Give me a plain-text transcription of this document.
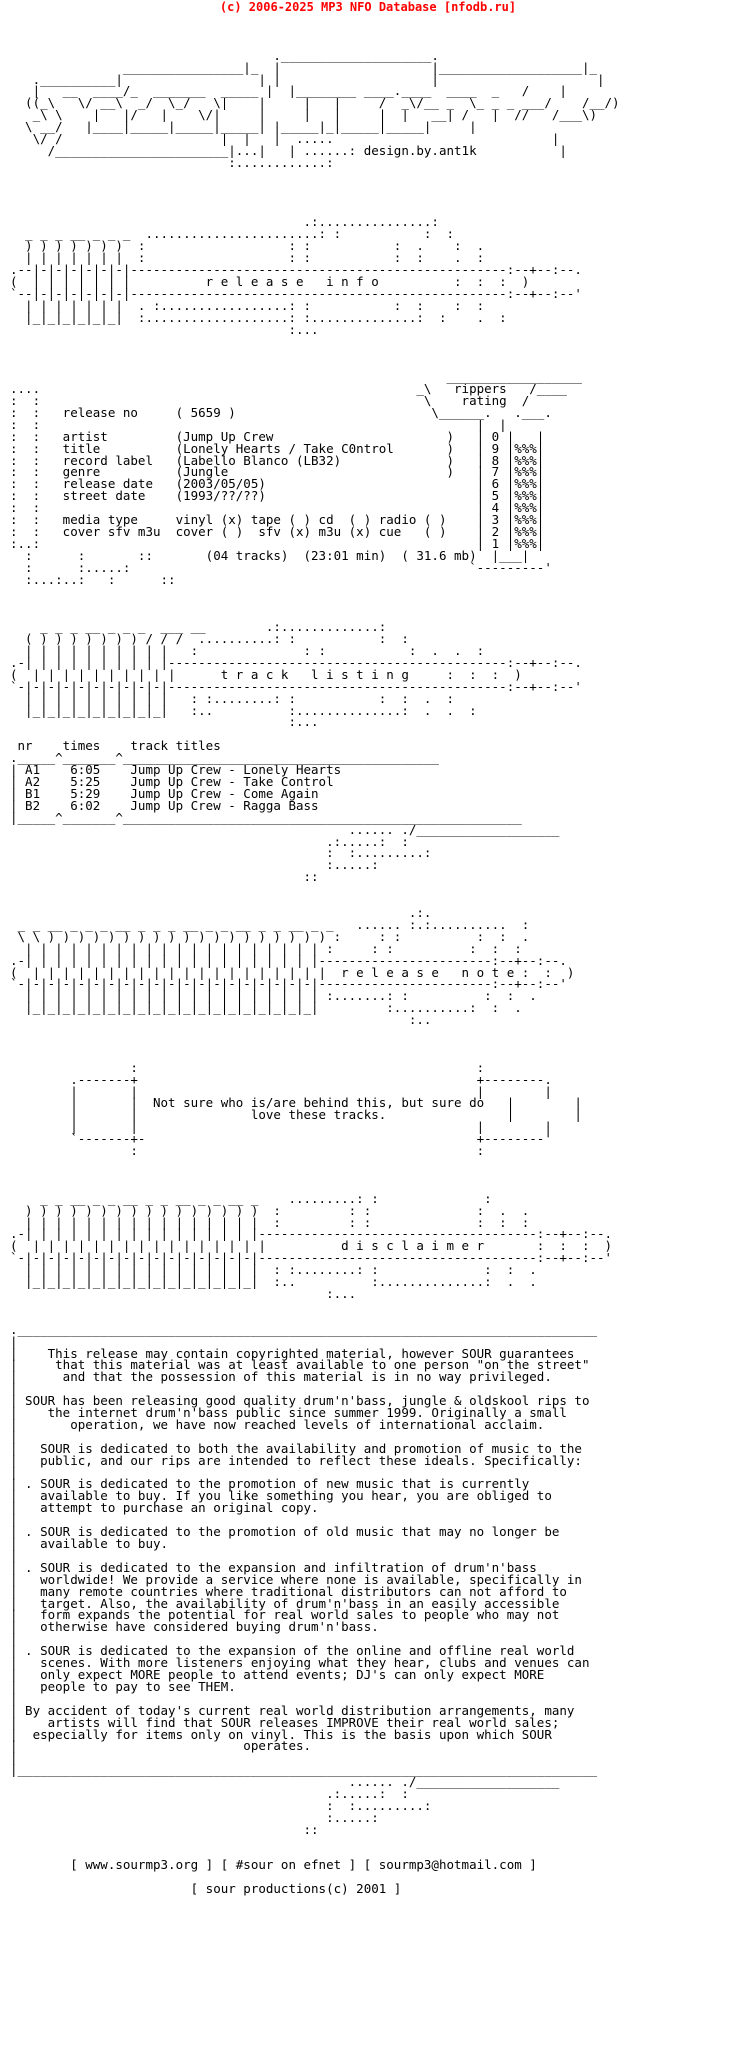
(c) 2006-2025 MP3 NFO Database [nfodb.ru]

.____________________.
________________|_  |                    |___________________|_
.__________|                  | |                    |                     |
|   __  ____/_  _______  _____ |  |________ ____.____  ____  _   /    |
((_\   \/ __\  _/  \_/   \|    |     |   |     /  _\/__ _  \_ _ _ ___/    /__/)
_\ \    |   |/   |    \/|     |     |   |     |  |   __| /   |  //   /___\)
\ __/   |____|_____|_____|_____| |_____|_|_____|_____|     |
\/ /                     |  |   |  .....                             |
/_______________________|...|   | ......: design.by.ant1k           |
:............:

.:...............:
_ _ _ __ _ _ _  .......................: :           :  :
) ) ) ) ) ) )  :                   : :           :  .    :  .
| | | | | | |  :                   : :           :  :    .  :
.--|-|-|-|-|-|-|--------------------------------------------------:--+--:--.
(  | | | | | | |          r e l e a s e   i n f o          :  :  :  )
`--|-|-|-|-|-|-|--------------------------------------------------:--+--:--'
| | | | | | |  . :.................: :           :  :    :  :
|_|_|_|_|_|_|  :...................: :..............:  :    .  :
:...

__________________
....                                                  _\   rippers   /____
:  :                                                   \    rating  /
:  :   release no     ( 5659 )                          \______.   .___.
:  :                                                          |  |
:  :   artist         (Jump Up Crew                       )   | 0 |   |
:  :   title          (Lonely Hearts / Take C0ntrol       )   | 9 |%%%|
:  :   record label   (Labello Blanco (LB32)              )   | 8 |%%%|
:  :   genre          (Jungle                             )   | 7 |%%%|
:  :   release date   (2003/05/05)                            | 6 |%%%|
:  :   street date    (1993/??/??)                            | 5 |%%%|
:  :                                                          | 4 |%%%|
:  :   media type     vinyl (x) tape ( ) cd  ( ) radio ( )    | 3 |%%%|
:  :   cover sfv m3u  cover ( )  sfv (x) m3u (x) cue   ( )    | 2 |%%%|
:..:                                                          | 1 |%%%|
:      :       ::       (04 tracks)  (23:01 min)  ( 31.6 mb)  |___|
:      :.....:                                             `---------'
:...:..:   :      ::

_ _ _ __ _ _ _  ___ __        .:.............:
( ) ) ) ) ) ) ) / / /  ..........: :           :  :
| | | | | | | | | |   :              : :           :  .  .  :
.-| | | | | | | | | |---------------------------------------------:--+--:--.
(  | | | | | | | | | |      t r a c k   l i s t i n g     :  :  :  )
`-|-|-|-|-|-|-|-|-|-|---------------------------------------------:--+--:--'
| | | | | | | | | |   : :........: :           :  :  .  :
|_|_|_|_|_|_|_|_|_|   :..          :..............:  .  .  :
:...

nr    times    track titles
._____^_______^__________________________________________
| A1    6:05    Jump Up Crew - Lonely Hearts
| A2    5:25    Jump Up Crew - Take Control
| B1    5:29    Jump Up Crew - Come Again
| B2    6:02    Jump Up Crew - Ragga Bass
|_____^_______^_____________________________________________________
...... ./___________________
.:.....:  :
:  :.........:
:.....:
::

.:.
_ _ __ _ _ _ __ _ _ _ __ _ _ __ _ _ __ _ _   ...... :.:..........  :
\ \ ) ) ) ) ) ) ) ) ) ) ) ) ) ) ) ) ) ) ) :     : :          :  :  .
| | | | | | | | | | | | | | | | | | | | :     : :          :  :  :
.-| | | | | | | | | | | | | | | | | | | |-----------------------:--+--:--.
(  | | | | | | | | | | | | | | | | | | | |  r e l e a s e   n o t e :  :  )
`-|-|-|-|-|-|-|-|-|-|-|-|-|-|-|-|-|-|-|-|-----------------------:--+--:--'
| | | | | | | | | | | | | | | | | | | | :.......: :          :  :  .
|_|_|_|_|_|_|_|_|_|_|_|_|_|_|_|_|_|_|_|         :..........:  :  .
:..

:                                             :
.-------+                                             +--------.
|       |                                             |        |
|       |  Not sure who is/are behind this, but sure do   |        |
|       |               love these tracks.                |        |
|       |                                             |        |
`-------+-                                            +--------'
:                                             :

_ _ __ _ _ __ _ _ __ _ _ __ _    .........: :              :
) ) ) ) ) ) ) ) ) ) ) ) ) ) ) )  :         : :              :  .  .
| | | | | | | | | | | | | | | |  :         : :              :  :  :
.-| | | | | | | | | | | | | | | |-------------------------------------:--+--:--.
(  | | | | | | | | | | | | | | | |          d i s c l a i m e r       :  :  :  )
`-|-|-|-|-|-|-|-|-|-|-|-|-|-|-|-|-------------------------------------:--+--:--'
| | | | | | | | | | | | | | | |  : :........: :              :  :  .
|_|_|_|_|_|_|_|_|_|_|_|_|_|_|_|  :..          :..............:  .  .
:...

._____________________________________________________________________________
|
|    This release may contain copyrighted material, however SOUR guarantees
|     that this material was at least available to one person "on the street"
|      and that the possession of this material is in no way privileged.
|
| SOUR has been releasing good quality drum'n'bass, jungle & oldskool rips to
|    the internet drum'n'bass public since summer 1999. Originally a small
|       operation, we have now reached levels of international acclaim.
|
|   SOUR is dedicated to both the availability and promotion of music to the
|   public, and our rips are intended to reflect these ideals. Specifically:
|
| . SOUR is dedicated to the promotion of new music that is currently
|   available to buy. If you like something you hear, you are obliged to
|   attempt to purchase an original copy.
|
| . SOUR is dedicated to the promotion of old music that may no longer be
|   available to buy.
|
| . SOUR is dedicated to the expansion and infiltration of drum'n'bass
|   worldwide! We provide a service where none is available, specifically in
|   many remote countries where traditional distributors can not afford to
|   target. Also, the availability of drum'n'bass in an easily accessible
|   form expands the potential for real world sales to people who may not
|   otherwise have considered buying drum'n'bass.
|
| . SOUR is dedicated to the expansion of the online and offline real world
|   scenes. With more listeners enjoying what they hear, clubs and venues can
|   only expect MORE people to attend events; DJ's can only expect MORE
|   people to pay to see THEM.
|
| By accident of today's current real world distribution arrangements, many
|    artists will find that SOUR releases IMPROVE their real world sales;
|  especially for items only on vinyl. This is the basis upon which SOUR
|                              operates.
|
|_____________________________________________________________________________
...... ./___________________
.:.....:  :
:  :.........:
:.....:
::

[ www.sourmp3.org ] [ #sour on efnet ] [ sourmp3@hotmail.com ]

[ sour productions(c) 2001 ]
